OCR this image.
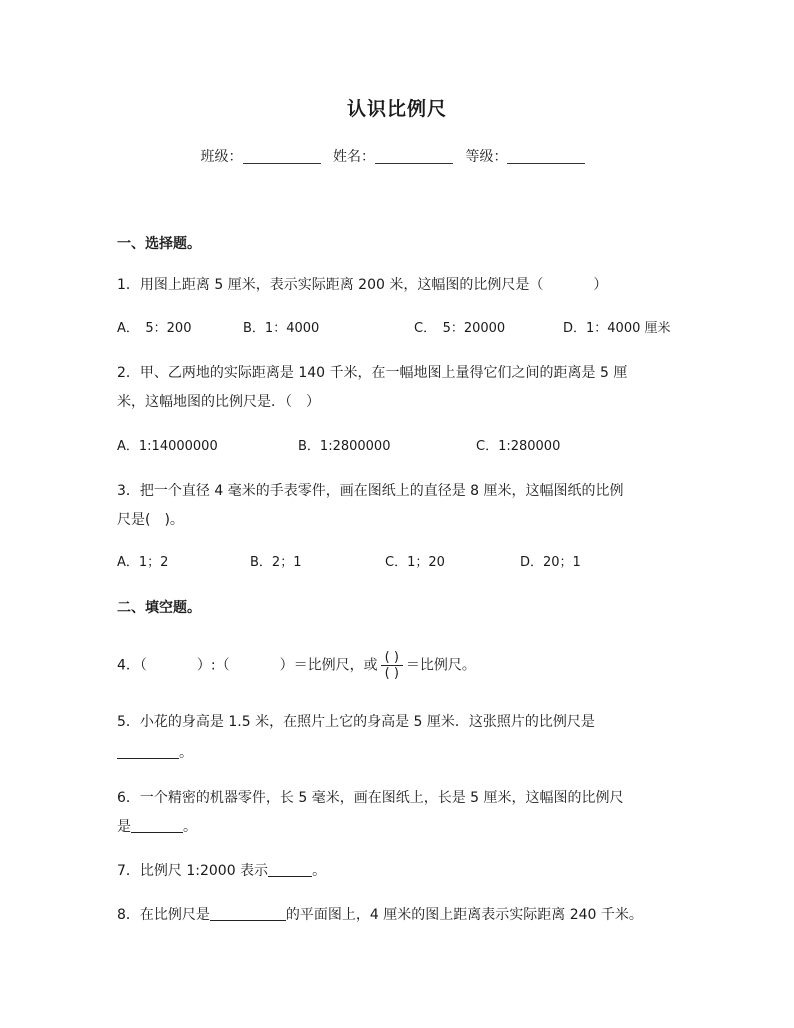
认识比例尺
班级：	姓名：	等级：
一、选择题。
1．用图上距离 5 厘米，表示实际距离 200 米，这幅图的比例尺是（	）
A．　5：200	B．1：4000	C．　5：20000	D．1：4000 厘米
2．甲、乙两地的实际距离是 140 千米，在一幅地图上量得它们之间的距离是 5 厘
米，这幅地图的比例尺是．（　）
A．1:14000000	B．1:2800000	C．1:280000
3．把一个直径 4 毫米的手表零件，画在图纸上的直径是 8 厘米，这幅图纸的比例
尺是(　)。
A．1；2	B．2；1	C．1；20	D．20；1
二、填空题。
4．（	）:（	）＝比例尺，或 $\frac{( )}{( )}$ ＝比例尺。
5．小花的身高是 1.5 米，在照片上它的身高是 5 厘米．这张照片的比例尺是
。
6．一个精密的机器零件，长 5 毫米，画在图纸上，长是 5 厘米，这幅图的比例尺
是	。
7．比例尺 1:2000 表示	。
8．在比例尺是	的平面图上，4 厘米的图上距离表示实际距离 240 千米。
